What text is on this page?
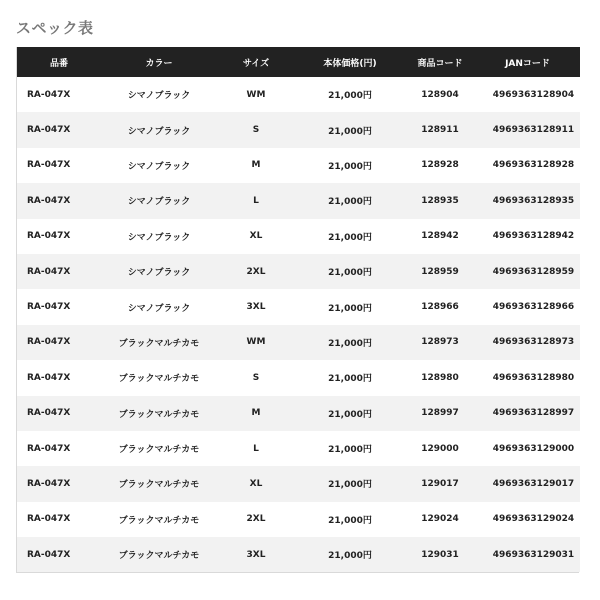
スペック表
品番	カラー	サイズ	本体価格(円)	商品コード	JANコード
RA-047X	シマノブラック	WM	21,000円	128904	4969363128904
RA-047X	シマノブラック	S	21,000円	128911	4969363128911
RA-047X	シマノブラック	M	21,000円	128928	4969363128928
RA-047X	シマノブラック	L	21,000円	128935	4969363128935
RA-047X	シマノブラック	XL	21,000円	128942	4969363128942
RA-047X	シマノブラック	2XL	21,000円	128959	4969363128959
RA-047X	シマノブラック	3XL	21,000円	128966	4969363128966
RA-047X	ブラックマルチカモ	WM	21,000円	128973	4969363128973
RA-047X	ブラックマルチカモ	S	21,000円	128980	4969363128980
RA-047X	ブラックマルチカモ	M	21,000円	128997	4969363128997
RA-047X	ブラックマルチカモ	L	21,000円	129000	4969363129000
RA-047X	ブラックマルチカモ	XL	21,000円	129017	4969363129017
RA-047X	ブラックマルチカモ	2XL	21,000円	129024	4969363129024
RA-047X	ブラックマルチカモ	3XL	21,000円	129031	4969363129031
